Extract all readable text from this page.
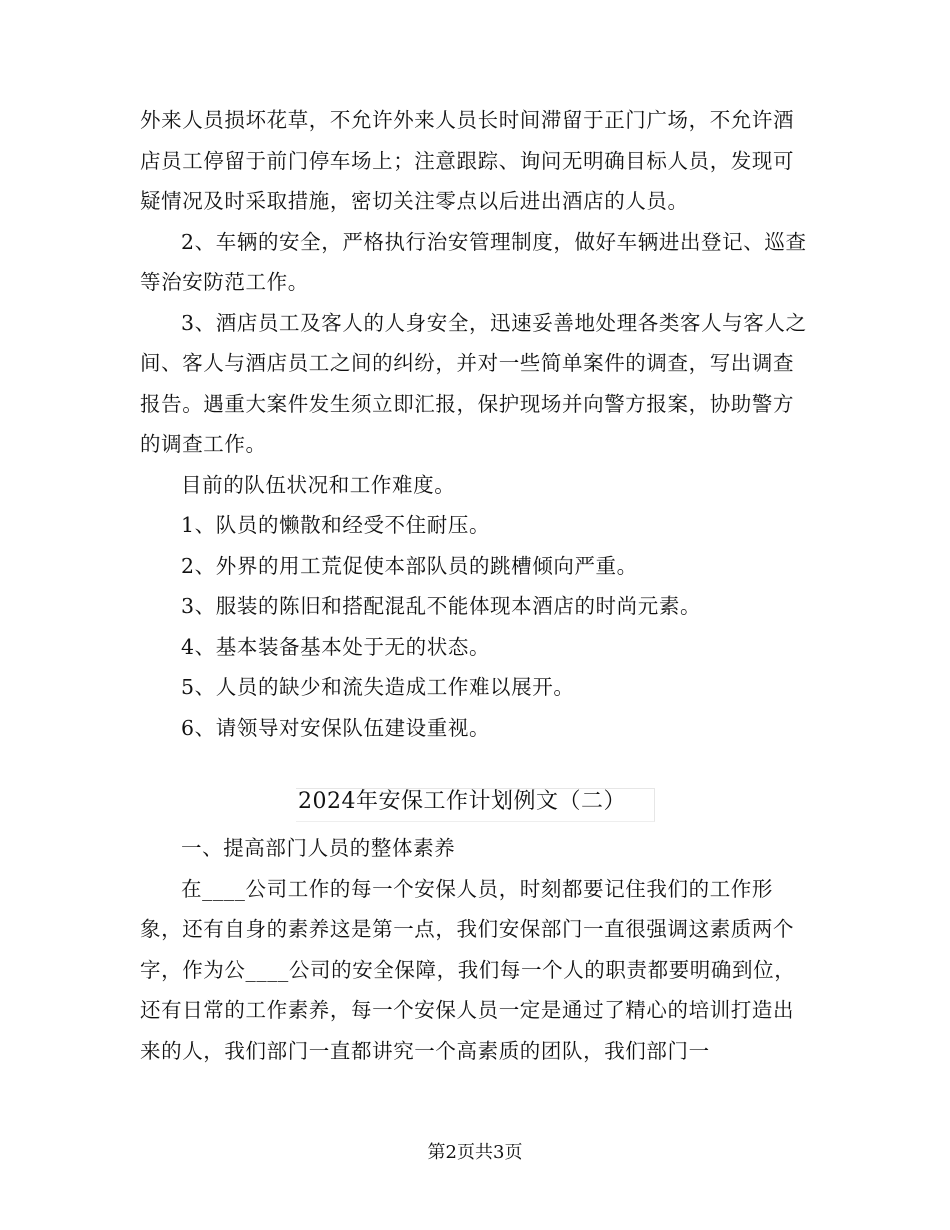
外来人员损坏花草，不允许外来人员长时间滞留于正门广场，不允许酒店员工停留于前门停车场上；注意跟踪、询问无明确目标人员，发现可疑情况及时采取措施，密切关注零点以后进出酒店的人员。

2、车辆的安全，严格执行治安管理制度，做好车辆进出登记、巡查等治安防范工作。

3、酒店员工及客人的人身安全，迅速妥善地处理各类客人与客人之间、客人与酒店员工之间的纠纷，并对一些简单案件的调查，写出调查报告。遇重大案件发生须立即汇报，保护现场并向警方报案，协助警方的调查工作。

目前的队伍状况和工作难度。

1、队员的懒散和经受不住耐压。

2、外界的用工荒促使本部队员的跳槽倾向严重。

3、服装的陈旧和搭配混乱不能体现本酒店的时尚元素。

4、基本装备基本处于无的状态。

5、人员的缺少和流失造成工作难以展开。

6、请领导对安保队伍建设重视。

2024年安保工作计划例文（二）

一、提高部门人员的整体素养

在____公司工作的每一个安保人员，时刻都要记住我们的工作形象，还有自身的素养这是第一点，我们安保部门一直很强调这素质两个字，作为公____公司的安全保障，我们每一个人的职责都要明确到位，还有日常的工作素养，每一个安保人员一定是通过了精心的培训打造出来的人，我们部门一直都讲究一个高素质的团队，我们部门一

第2页共3页
